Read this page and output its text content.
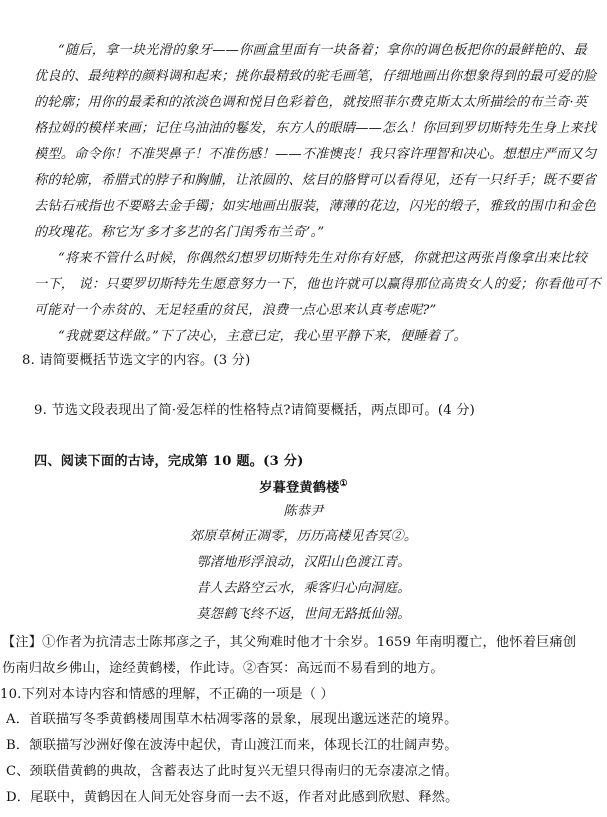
“随后，拿一块光滑的象牙——你画盒里面有一块备着；拿你的调色板把你的最鲜艳的、最
优良的、最纯粹的颜料调和起来；挑你最精致的驼毛画笔，仔细地画出你想象得到的最可爱的脸
的轮廓；用你的最柔和的浓淡色调和悦目色彩着色，就按照菲尔费克斯太太所描绘的布兰奇·英
格拉姆的模样来画；记住乌油油的鬈发，东方人的眼睛——怎么！你回到罗切斯特先生身上来找
模型。命令你！不准哭鼻子！不准伤感！——不准懊丧！我只容许理智和决心。想想庄严而又匀
称的轮廓，希腊式的脖子和胸脯，让浓圆的、炫目的胳臂可以看得见，还有一只纤手；既不要省
去钻石戒指也不要略去金手镯；如实地画出服装，薄薄的花边，闪光的缎子，雅致的围巾和金色
的玫瑰花。称它为‘多才多艺的名门闺秀布兰奇’。”
“将来不管什么时候，你偶然幻想罗切斯特先生对你有好感，你就把这两张肖像拿出来比较
一下， 说：只要罗切斯特先生愿意努力一下，他也许就可以赢得那位高贵女人的爱；你看他可不
可能对一个赤贫的、无足轻重的贫民，浪费一点心思来认真考虑呢?”
“我就要这样做。”下了决心，主意已定，我心里平静下来，便睡着了。
8. 请简要概括节选文字的内容。(3 分)
9. 节选文段表现出了简·爱怎样的性格特点?请简要概括，两点即可。(4 分)
四、阅读下面的古诗，完成第 10 题。(3 分)
岁暮登黄鹤楼①
陈恭尹
郊原草树正凋零，历历高楼见杳冥②。
鄂渚地形浮浪动，汉阳山色渡江青。
昔人去路空云水，乘客归心向洞庭。
莫怨鹤飞终不返，世间无路抵仙翎。
【注】①作者为抗清志士陈邦彦之子，其父殉难时他才十余岁。1659 年南明覆亡，他怀着巨痛创
伤南归故乡佛山，途经黄鹤楼，作此诗。②杳冥：高远而不易看到的地方。
10.下列对本诗内容和情感的理解，不正确的一项是（ ）
A．首联描写冬季黄鹤楼周围草木枯凋零落的景象，展现出邈远迷茫的境界。
B．颔联描写沙洲好像在波涛中起伏，青山渡江而来，体现长江的壮阔声势。
C、颈联借黄鹤的典故，含蓄表达了此时复兴无望只得南归的无奈凄凉之情。
D．尾联中，黄鹤因在人间无处容身而一去不返，作者对此感到欣慰、释然。
